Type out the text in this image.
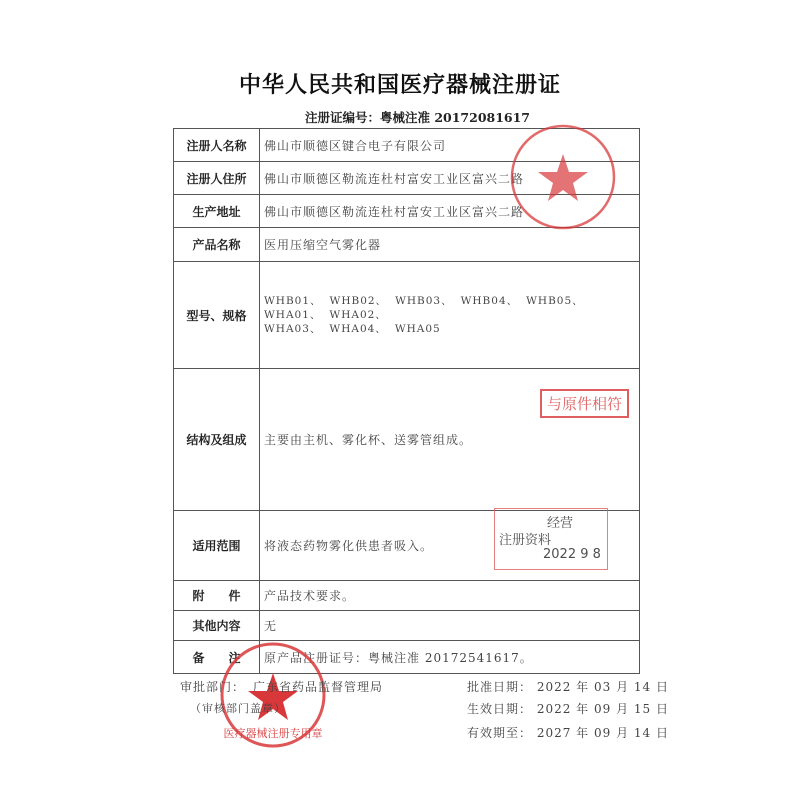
中华人民共和国医疗器械注册证
注册证编号：粤械注准 20172081617
注册人名称	佛山市顺德区键合电子有限公司
注册人住所	佛山市顺德区勒流连杜村富安工业区富兴二路
生产地址	佛山市顺德区勒流连杜村富安工业区富兴二路
产品名称	医用压缩空气雾化器
型号、规格	WHB01、 WHB02、 WHB03、 WHB04、 WHB05、WHA01、 WHA02、
WHA03、 WHA04、 WHA05
结构及组成	主要由主机、雾化杯、送雾管组成。
适用范围	将液态药物雾化供患者吸入。
附　　件	产品技术要求。
其他内容	无
备　　注	原产品注册证号：粤械注准 20172541617。
医疗器械注册专用章
审批部门： 广东省药品监督管理局
（审核部门盖章）
批准日期： 2022 年 03 月 14 日
生效日期： 2022 年 09 月 15 日
有效期至： 2027 年 09 月 14 日
与原件相符
经营
注册资料
2022 9 8
